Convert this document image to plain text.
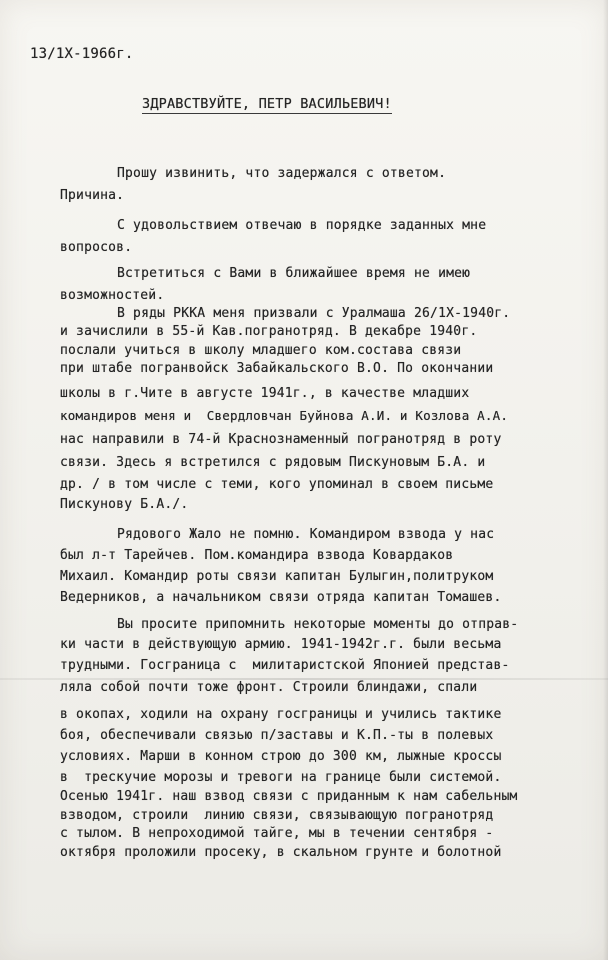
13/1X-1966г.
ЗДРАВСТВУЙТЕ, ПЕТР ВАСИЛЬЕВИЧ!
Прошу извинить, что задержался с ответом.
Причина.
С удовольствием отвечаю в порядке заданных мне
вопросов.
Встретиться с Вами в ближайшее время не имею
возможностей.
В ряды РККА меня призвали с Уралмаша 26/1Х-1940г.
и зачислили в 55-й Кав.погранотряд. В декабре 1940г.
послали учиться в школу младшего ком.состава связи
при штабе погранвойск Забайкальского В.О. По окончании
школы в г.Чите в августе 1941г., в качестве младших
командиров меня и  Свердловчан Буйнова А.И. и Козлова А.А.
нас направили в 74-й Краснознаменный погранотряд в роту
связи. Здесь я встретился с рядовым Пискуновым Б.А. и
др. / в том числе с теми, кого упоминал в своем письме
Пискунову Б.А./.
Рядового Жало не помню. Командиром взвода у нас
был л-т Тарейчев. Пом.командира взвода Ковардаков
Михаил. Командир роты связи капитан Булыгин,политруком
Ведерников, а начальником связи отряда капитан Томашев.
Вы просите припомнить некоторые моменты до отправ-
ки части в действующую армию. 1941-1942г.г. были весьма
трудными. Госграница с  милитаристской Японией представ-
ляла собой почти тоже фронт. Строили блиндажи, спали
в окопах, ходили на охрану госграницы и учились тактике
боя, обеспечивали связью п/заставы и К.П.-ты в полевых
условиях. Марши в конном строю до 300 км, лыжные кроссы
в  трескучие морозы и тревоги на границе были системой.
Осенью 1941г. наш взвод связи с приданным к нам сабельным
взводом, строили  линию связи, связывающую погранотряд
с тылом. В непроходимой тайге, мы в течении сентября -
октября проложили просеку, в скальном грунте и болотной
